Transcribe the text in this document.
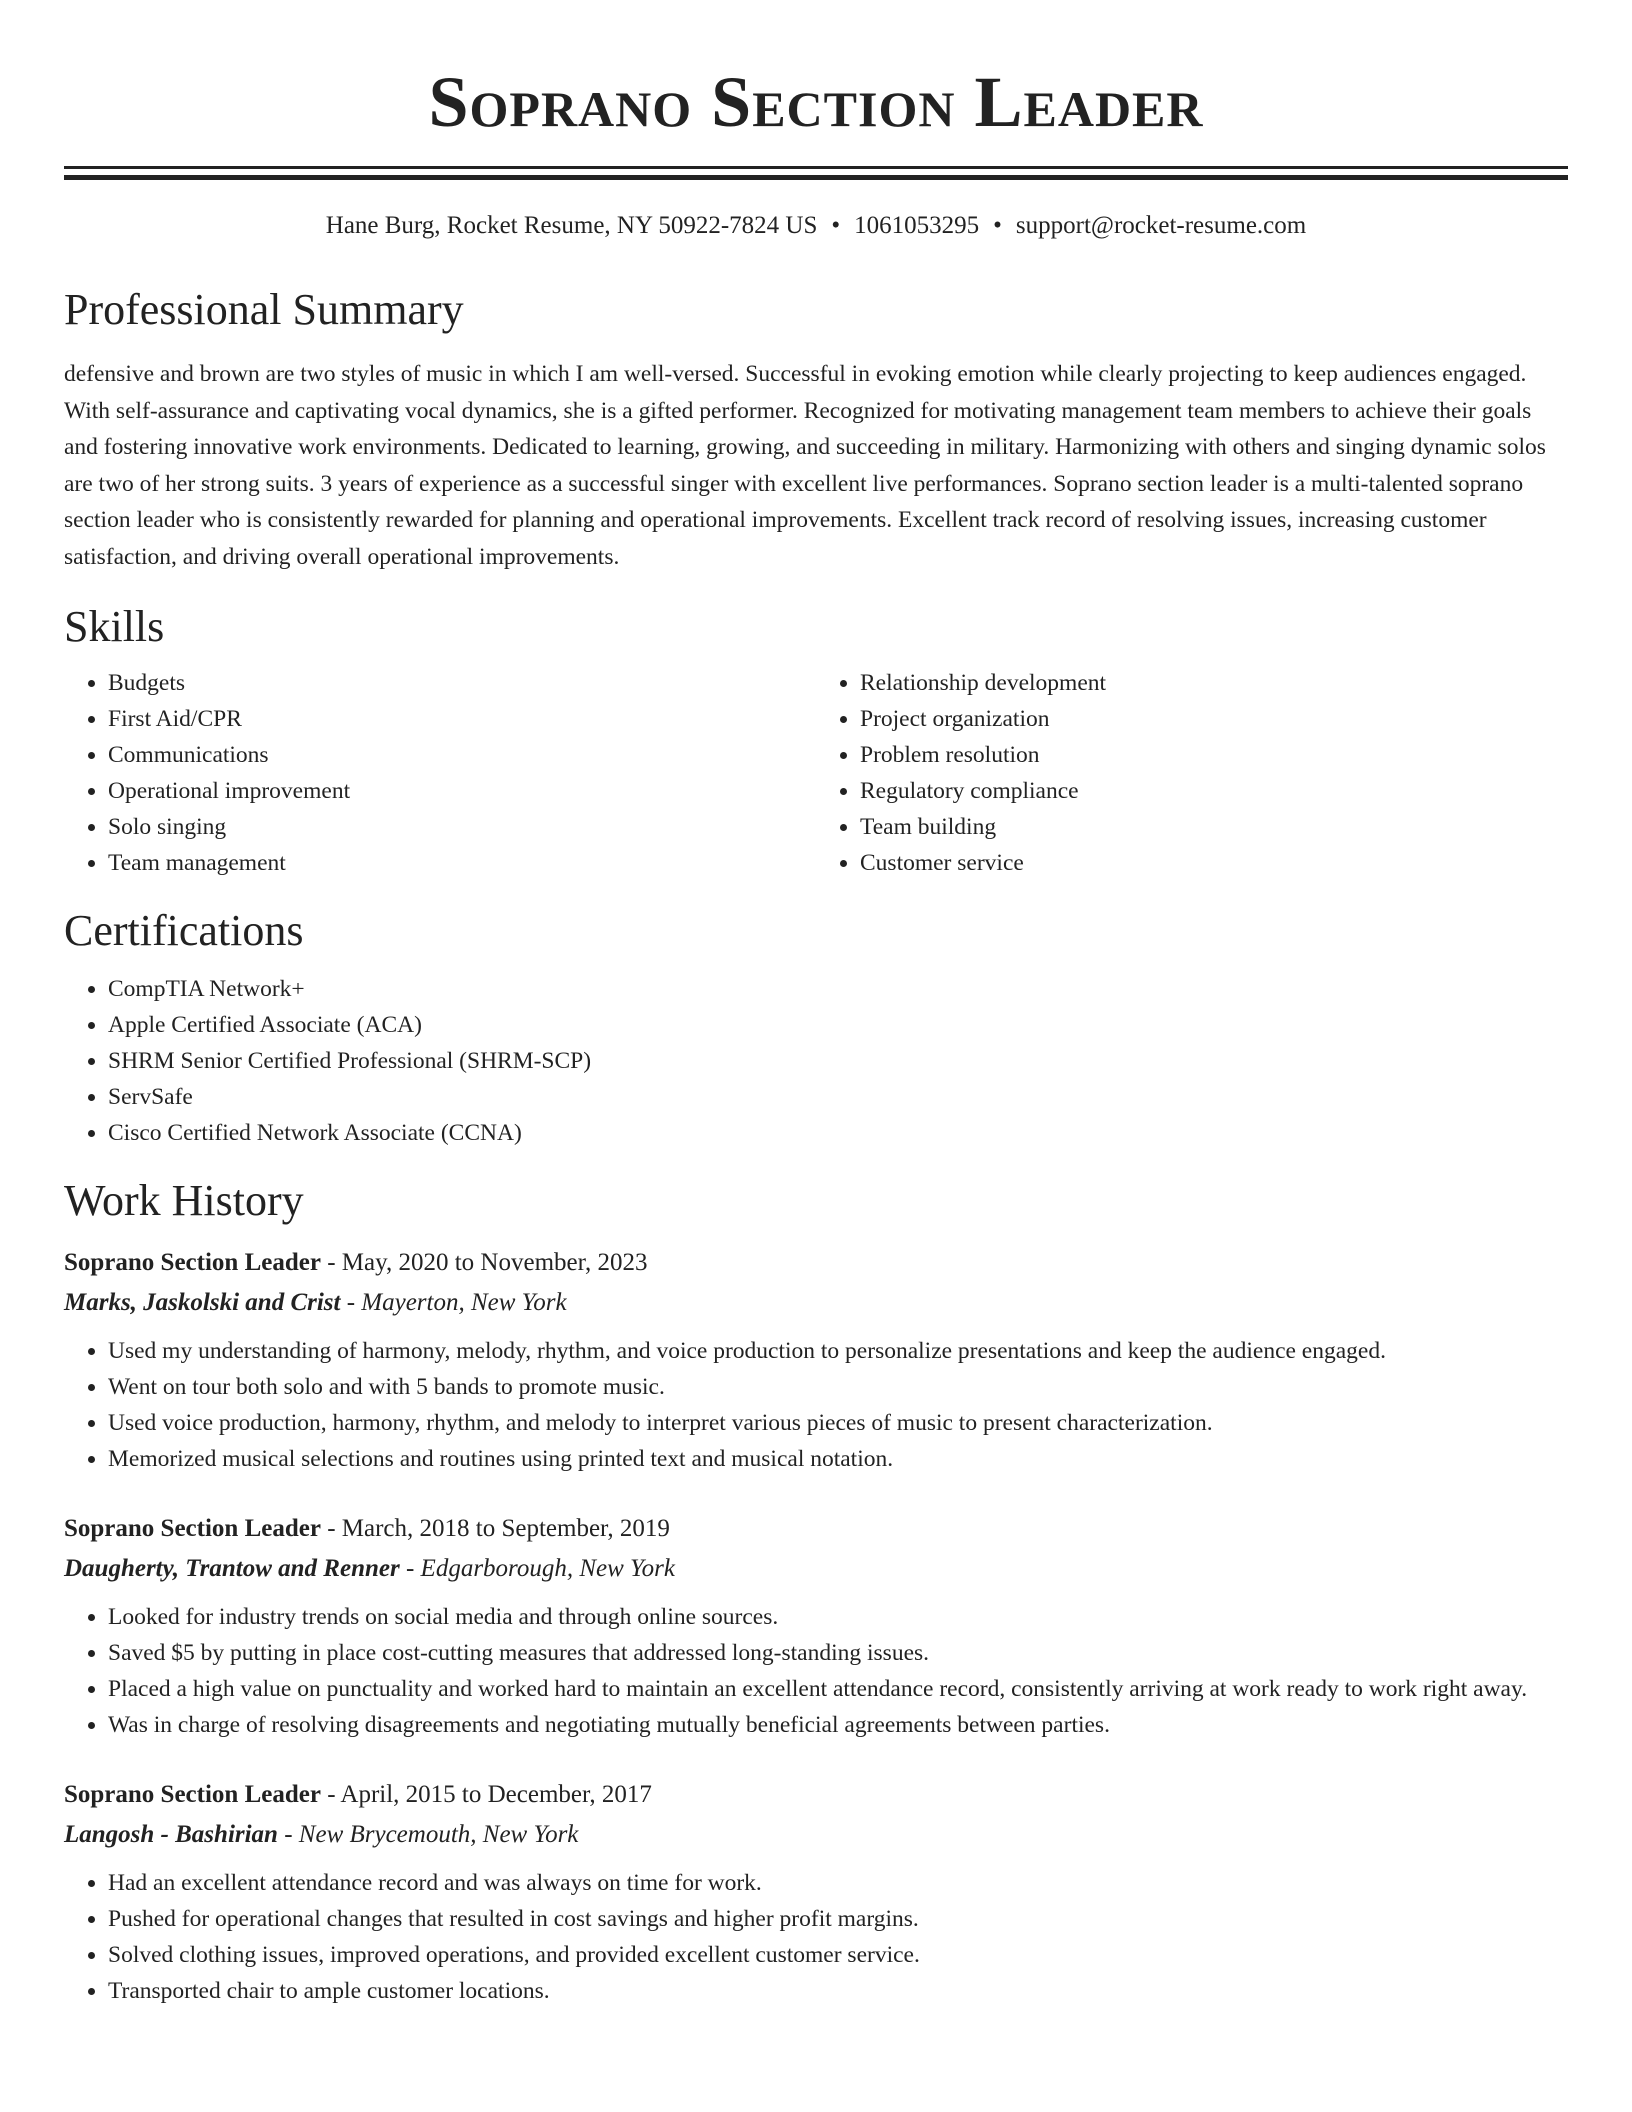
Soprano Section Leader
Hane Burg, Rocket Resume, NY 50922-7824 US • 1061053295 • support@rocket-resume.com
Professional Summary

defensive and brown are two styles of music in which I am well-versed. Successful in evoking emotion while clearly projecting to keep audiences engaged. With self-assurance and captivating vocal dynamics, she is a gifted performer. Recognized for motivating management team members to achieve their goals and fostering innovative work environments. Dedicated to learning, growing, and succeeding in military. Harmonizing with others and singing dynamic solos are two of her strong suits. 3 years of experience as a successful singer with excellent live performances. Soprano section leader is a multi-talented soprano section leader who is consistently rewarded for planning and operational improvements. Excellent track record of resolving issues, increasing customer satisfaction, and driving overall operational improvements.

Skills
• Budgets
• First Aid/CPR
• Communications
• Operational improvement
• Solo singing
• Team management
• Relationship development
• Project organization
• Problem resolution
• Regulatory compliance
• Team building
• Customer service
Certifications
• CompTIA Network+
• Apple Certified Associate (ACA)
• SHRM Senior Certified Professional (SHRM-SCP)
• ServSafe
• Cisco Certified Network Associate (CCNA)
Work History
Soprano Section Leader - May, 2020 to November, 2023
Marks, Jaskolski and Crist - Mayerton, New York
• Used my understanding of harmony, melody, rhythm, and voice production to personalize presentations and keep the audience engaged.
• Went on tour both solo and with 5 bands to promote music.
• Used voice production, harmony, rhythm, and melody to interpret various pieces of music to present characterization.
• Memorized musical selections and routines using printed text and musical notation.
Soprano Section Leader - March, 2018 to September, 2019
Daugherty, Trantow and Renner - Edgarborough, New York
• Looked for industry trends on social media and through online sources.
• Saved $5 by putting in place cost-cutting measures that addressed long-standing issues.
• Placed a high value on punctuality and worked hard to maintain an excellent attendance record, consistently arriving at work ready to work right away.
• Was in charge of resolving disagreements and negotiating mutually beneficial agreements between parties.
Soprano Section Leader - April, 2015 to December, 2017
Langosh - Bashirian - New Brycemouth, New York
• Had an excellent attendance record and was always on time for work.
• Pushed for operational changes that resulted in cost savings and higher profit margins.
• Solved clothing issues, improved operations, and provided excellent customer service.
• Transported chair to ample customer locations.
